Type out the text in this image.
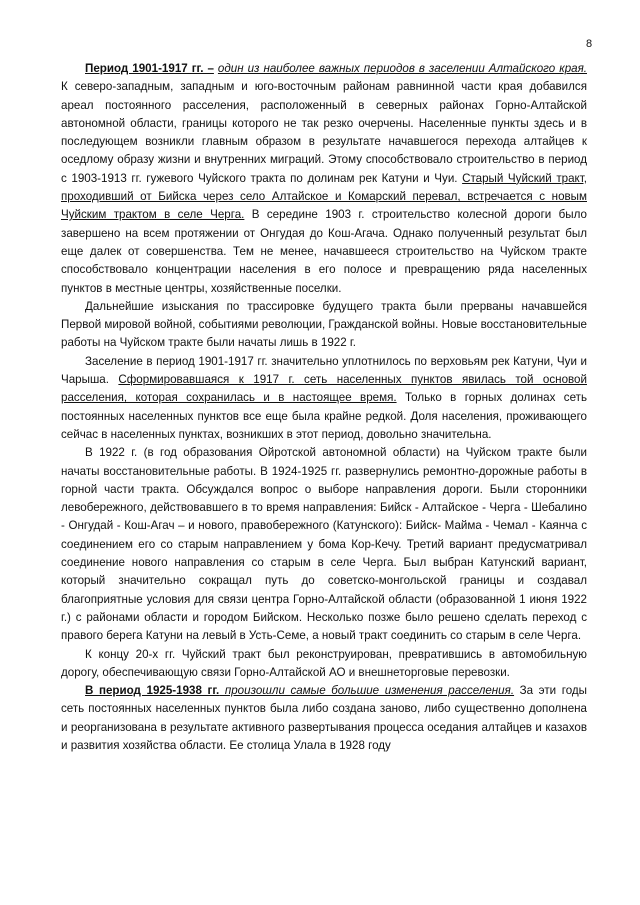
8

Период 1901-1917 гг. – один из наиболее важных периодов в заселении Алтайского края. К северо-западным, западным и юго-восточным районам равнинной части края добавился ареал постоянного расселения, расположенный в северных районах Горно-Алтайской автономной области, границы которого не так резко очерчены. Населенные пункты здесь и в последующем возникли главным образом в результате начавшегося перехода алтайцев к оседлому образу жизни и внутренних миграций. Этому способствовало строительство в период с 1903-1913 гг. гужевого Чуйского тракта по долинам рек Катуни и Чуи. Старый Чуйский тракт, проходивший от Бийска через село Алтайское и Комарский перевал, встречается с новым Чуйским трактом в селе Черга. В середине 1903 г. строительство колесной дороги было завершено на всем протяжении от Онгудая до Кош-Агача. Однако полученный результат был еще далек от совершенства. Тем не менее, начавшееся строительство на Чуйском тракте способствовало концентрации населения в его полосе и превращению ряда населенных пунктов в местные центры, хозяйственные поселки.

Дальнейшие изыскания по трассировке будущего тракта были прерваны начавшейся Первой мировой войной, событиями революции, Гражданской войны. Новые восстановительные работы на Чуйском тракте были начаты лишь в 1922 г.

Заселение в период 1901-1917 гг. значительно уплотнилось по верховьям рек Катуни, Чуи и Чарыша. Сформировавшаяся к 1917 г. сеть населенных пунктов явилась той основой расселения, которая сохранилась и в настоящее время. Только в горных долинах сеть постоянных населенных пунктов все еще была крайне редкой. Доля населения, проживающего сейчас в населенных пунктах, возникших в этот период, довольно значительна.

В 1922 г. (в год образования Ойротской автономной области) на Чуйском тракте были начаты восстановительные работы. В 1924-1925 гг. развернулись ремонтно-дорожные работы в горной части тракта. Обсуждался вопрос о выборе направления дороги. Были сторонники левобережного, действовавшего в то время направления: Бийск - Алтайское - Черга - Шебалино - Онгудай - Кош-Агач – и нового, правобережного (Катунского): Бийск- Майма - Чемал - Каянча с соединением его со старым направлением у бома Кор-Кечу. Третий вариант предусматривал соединение нового направления со старым в селе Черга. Был выбран Катунский вариант, который значительно сокращал путь до советско-монгольской границы и создавал благоприятные условия для связи центра Горно-Алтайской области (образованной 1 июня 1922 г.) с районами области и городом Бийском. Несколько позже было решено сделать переход с правого берега Катуни на левый в Усть-Семе, а новый тракт соединить со старым в селе Черга.

К концу 20-х гг. Чуйский тракт был реконструирован, превратившись в автомобильную дорогу, обеспечивающую связи Горно-Алтайской АО и внешнеторговые перевозки.

В период 1925-1938 гг. произошли самые большие изменения расселения. За эти годы сеть постоянных населенных пунктов была либо создана заново, либо существенно дополнена и реорганизована в результате активного развертывания процесса оседания алтайцев и казахов и развития хозяйства области. Ее столица Улала в 1928 году
